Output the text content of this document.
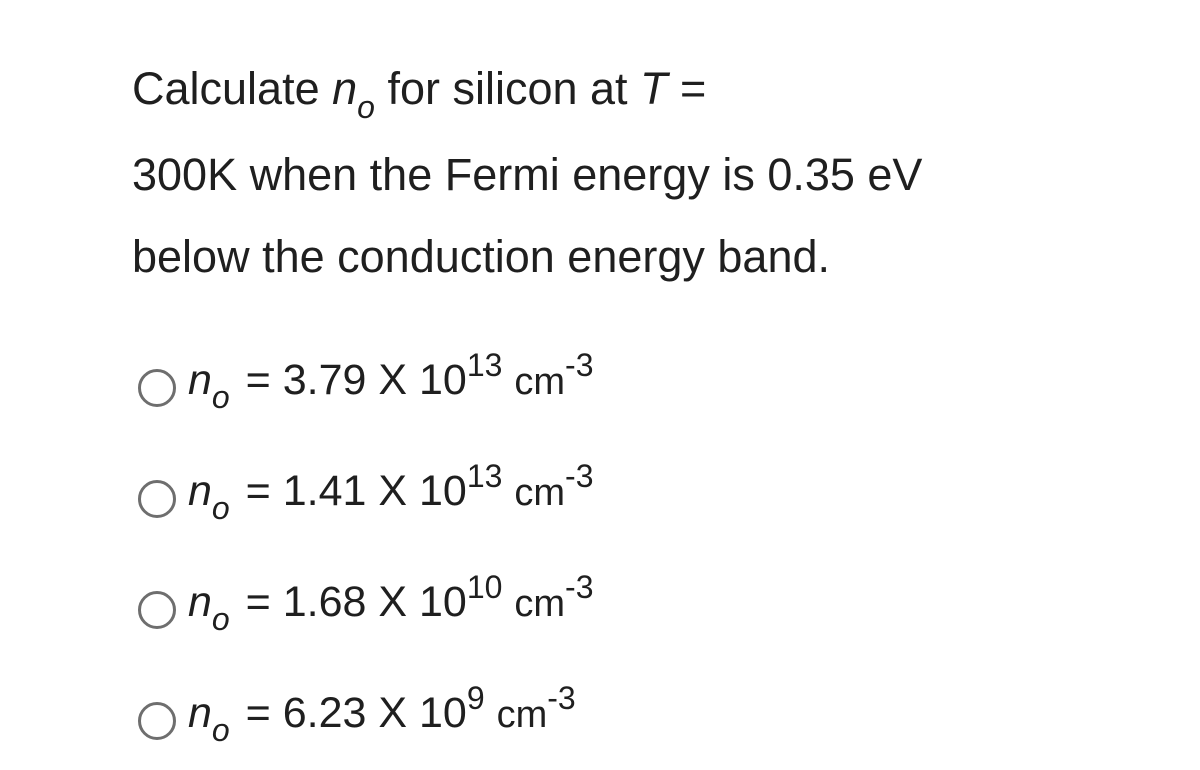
Calculate $n_o$ for silicon at T =
300K when the Fermi energy is 0.35 eV
below the conduction energy band.
$n_o = 3.79$ X $10^{13}$ $cm^{-3}$
$n_o = 1.41$ X $10^{13}$ $cm^{-3}$
$n_o = 1.68$ X $10^{10}$ $cm^{-3}$
$n_o = 6.23$ X $10^9$ $cm^{-3}$
